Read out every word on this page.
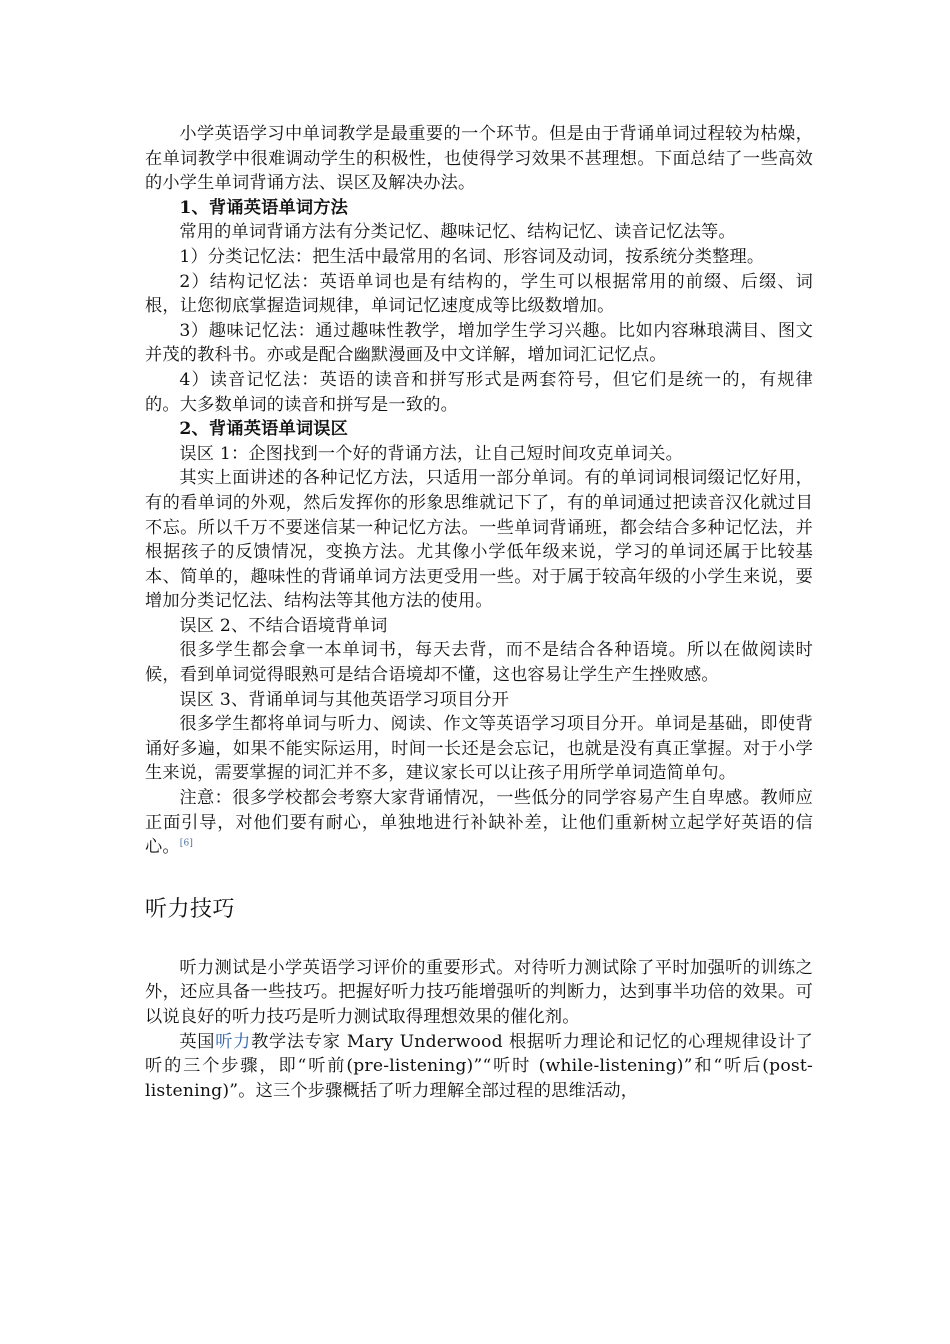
小学英语学习中单词教学是最重要的一个环节。但是由于背诵单词过程较为枯燥，在单词教学中很难调动学生的积极性，也使得学习效果不甚理想。下面总结了一些高效的小学生单词背诵方法、误区及解决办法。

1、背诵英语单词方法

常用的单词背诵方法有分类记忆、趣味记忆、结构记忆、读音记忆法等。

1）分类记忆法：把生活中最常用的名词、形容词及动词，按系统分类整理。

2）结构记忆法：英语单词也是有结构的，学生可以根据常用的前缀、后缀、词根，让您彻底掌握造词规律，单词记忆速度成等比级数增加。

3）趣味记忆法：通过趣味性教学，增加学生学习兴趣。比如内容琳琅满目、图文并茂的教科书。亦或是配合幽默漫画及中文详解，增加词汇记忆点。

4）读音记忆法：英语的读音和拼写形式是两套符号，但它们是统一的，有规律的。大多数单词的读音和拼写是一致的。

2、背诵英语单词误区

误区 1：企图找到一个好的背诵方法，让自己短时间攻克单词关。

其实上面讲述的各种记忆方法，只适用一部分单词。有的单词词根词缀记忆好用，有的看单词的外观，然后发挥你的形象思维就记下了，有的单词通过把读音汉化就过目不忘。所以千万不要迷信某一种记忆方法。一些单词背诵班，都会结合多种记忆法，并根据孩子的反馈情况，变换方法。尤其像小学低年级来说，学习的单词还属于比较基本、简单的，趣味性的背诵单词方法更受用一些。对于属于较高年级的小学生来说，要增加分类记忆法、结构法等其他方法的使用。

误区 2、不结合语境背单词

很多学生都会拿一本单词书，每天去背，而不是结合各种语境。所以在做阅读时候，看到单词觉得眼熟可是结合语境却不懂，这也容易让学生产生挫败感。

误区 3、背诵单词与其他英语学习项目分开

很多学生都将单词与听力、阅读、作文等英语学习项目分开。单词是基础，即使背诵好多遍，如果不能实际运用，时间一长还是会忘记，也就是没有真正掌握。对于小学生来说，需要掌握的词汇并不多，建议家长可以让孩子用所学单词造简单句。

注意：很多学校都会考察大家背诵情况，一些低分的同学容易产生自卑感。教师应正面引导，对他们要有耐心，单独地进行补缺补差，让他们重新树立起学好英语的信心。[6]

听力技巧

听力测试是小学英语学习评价的重要形式。对待听力测试除了平时加强听的训练之外，还应具备一些技巧。把握好听力技巧能增强听的判断力，达到事半功倍的效果。可以说良好的听力技巧是听力测试取得理想效果的催化剂。

英国听力教学法专家 Mary Underwood 根据听力理论和记忆的心理规律设计了听的三个步骤，即“听前(pre-listening)”“听时 (while-listening)”和“听后(post-listening)”。这三个步骤概括了听力理解全部过程的思维活动，
